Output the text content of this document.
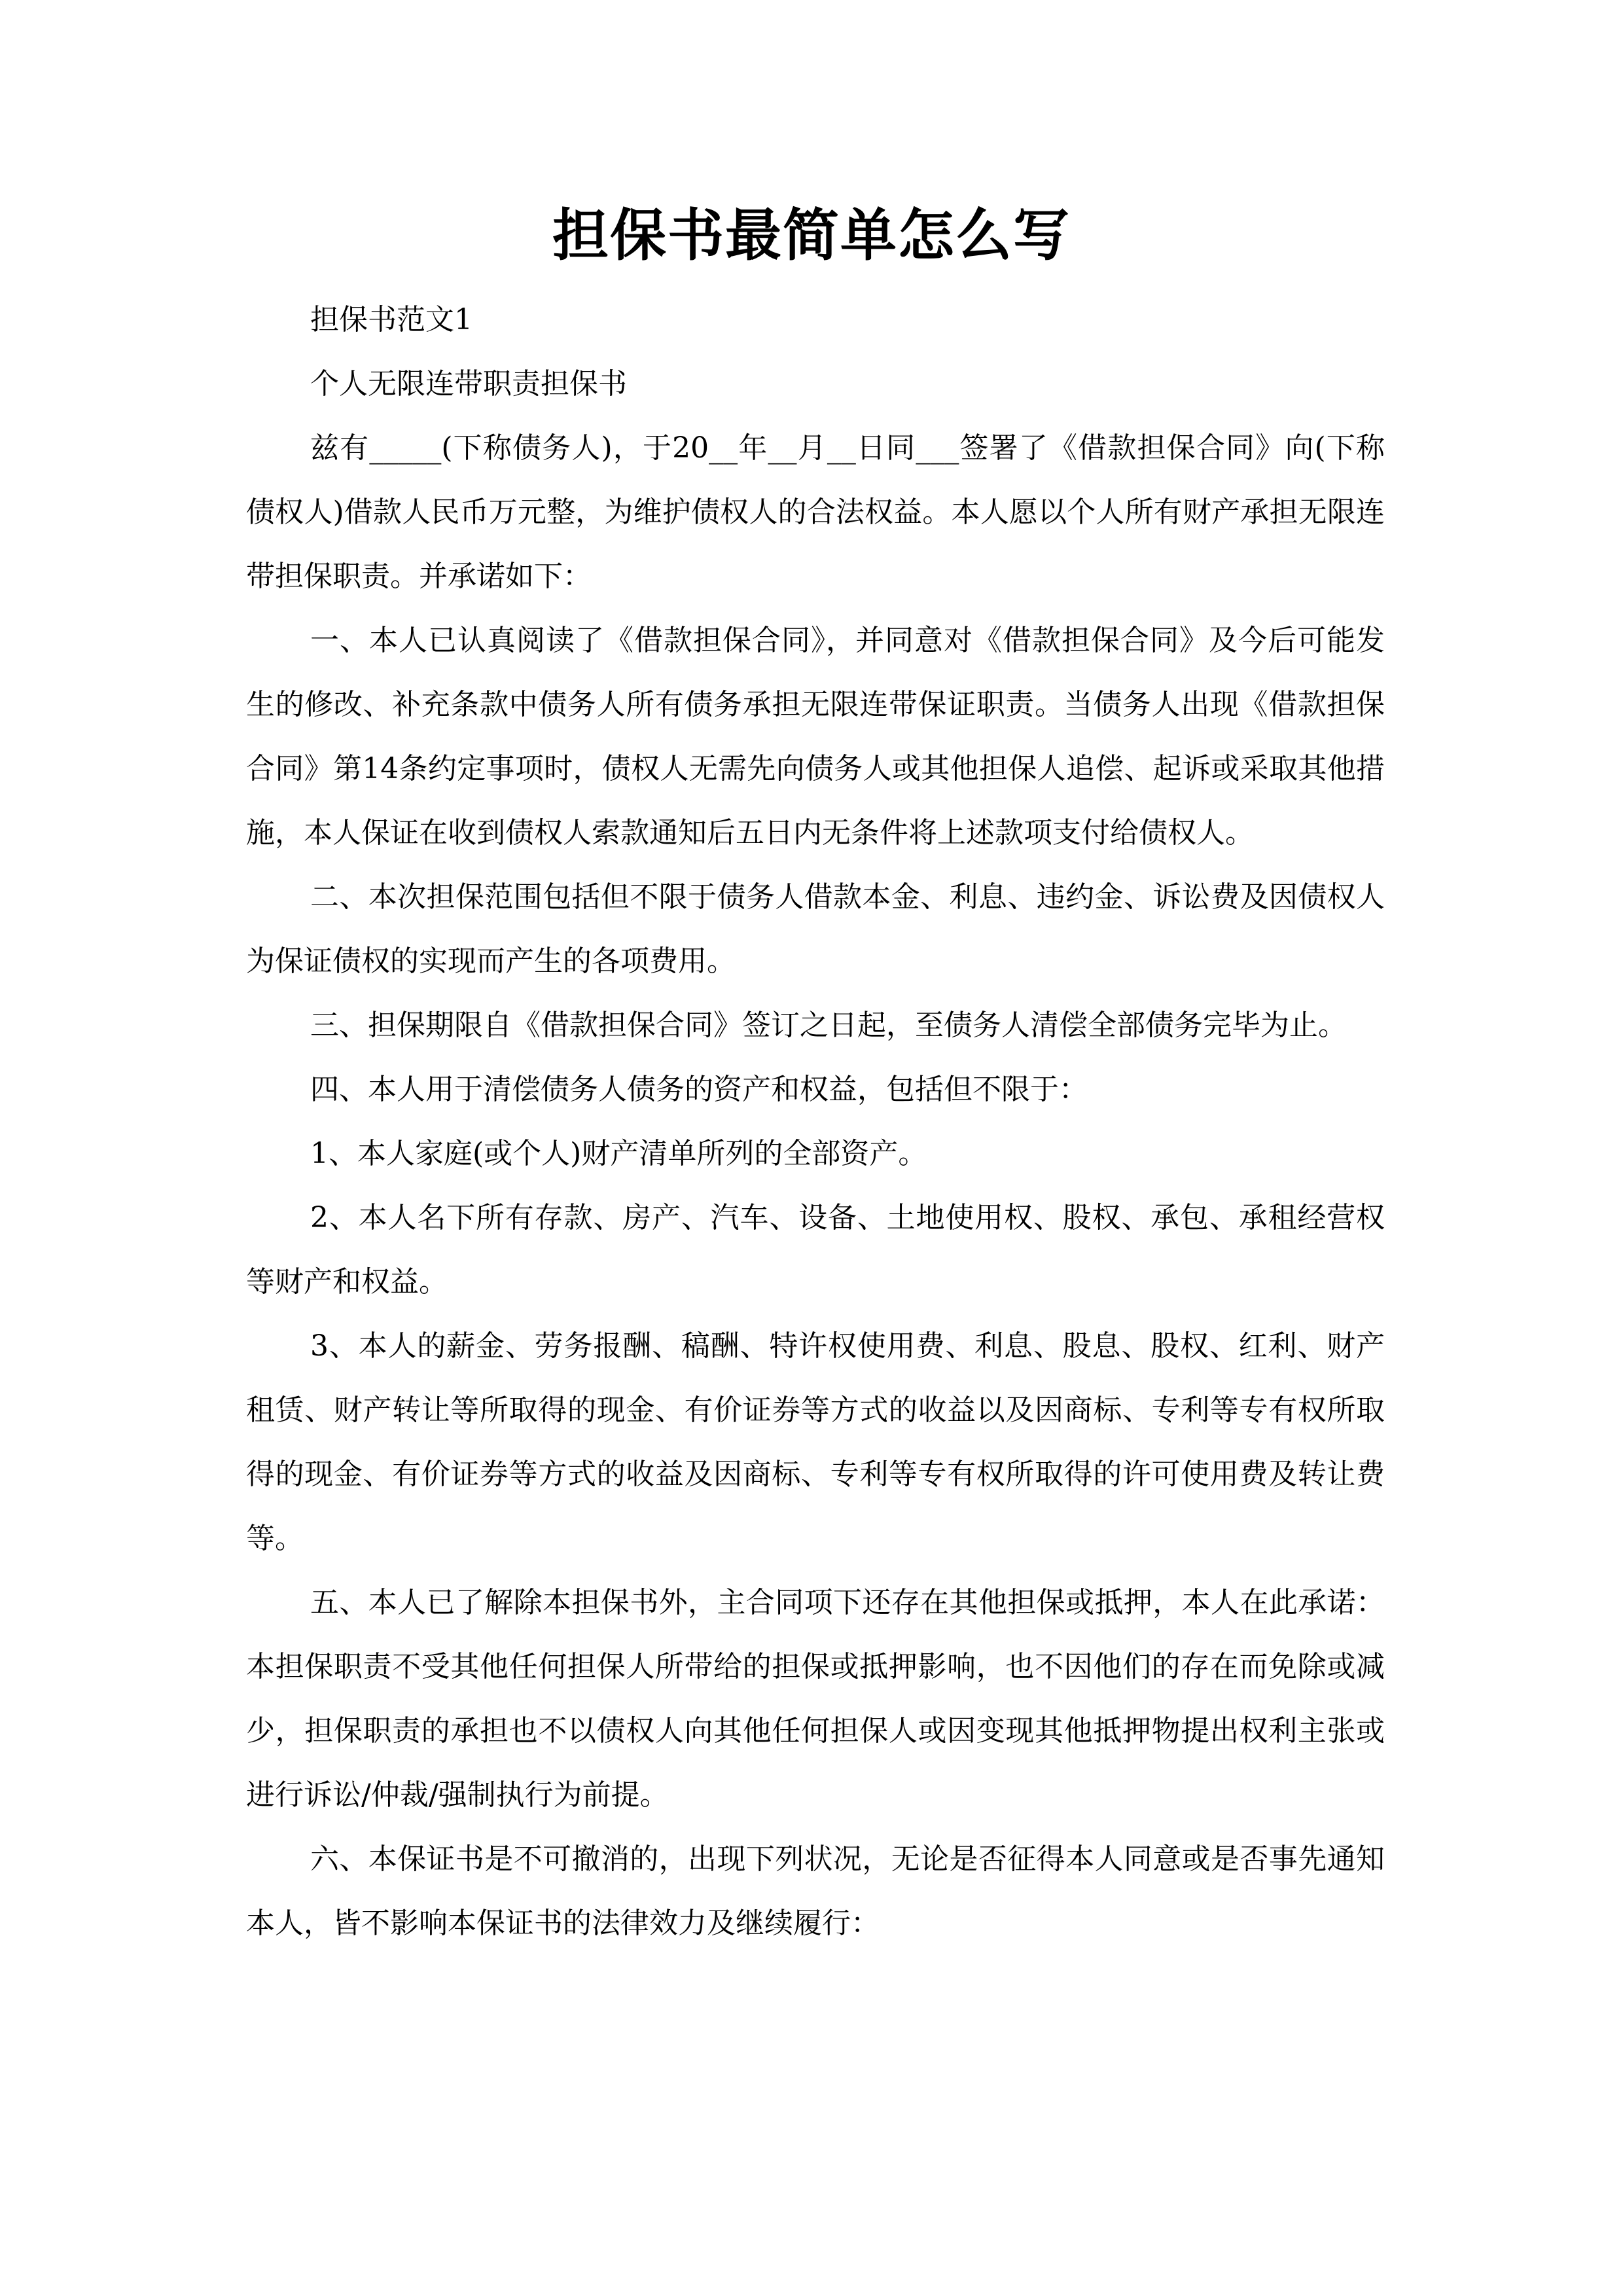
担保书最简单怎么写

担保书范文1

个人无限连带职责担保书

兹有_____(下称债务人)，于20__年__月__日同___签署了《借款担保合同》向(下称债权人)借款人民币万元整，为维护债权人的合法权益。本人愿以个人所有财产承担无限连带担保职责。并承诺如下：

一、本人已认真阅读了《借款担保合同》，并同意对《借款担保合同》及今后可能发生的修改、补充条款中债务人所有债务承担无限连带保证职责。当债务人出现《借款担保合同》第14条约定事项时，债权人无需先向债务人或其他担保人追偿、起诉或采取其他措施，本人保证在收到债权人索款通知后五日内无条件将上述款项支付给债权人。

二、本次担保范围包括但不限于债务人借款本金、利息、违约金、诉讼费及因债权人为保证债权的实现而产生的各项费用。

三、担保期限自《借款担保合同》签订之日起，至债务人清偿全部债务完毕为止。

四、本人用于清偿债务人债务的资产和权益，包括但不限于：

1、本人家庭(或个人)财产清单所列的全部资产。

2、本人名下所有存款、房产、汽车、设备、土地使用权、股权、承包、承租经营权等财产和权益。

3、本人的薪金、劳务报酬、稿酬、特许权使用费、利息、股息、股权、红利、财产租赁、财产转让等所取得的现金、有价证券等方式的收益以及因商标、专利等专有权所取得的现金、有价证券等方式的收益及因商标、专利等专有权所取得的许可使用费及转让费等。

五、本人已了解除本担保书外，主合同项下还存在其他担保或抵押，本人在此承诺：本担保职责不受其他任何担保人所带给的担保或抵押影响，也不因他们的存在而免除或减少，担保职责的承担也不以债权人向其他任何担保人或因变现其他抵押物提出权利主张或进行诉讼/仲裁/强制执行为前提。

六、本保证书是不可撤消的，出现下列状况，无论是否征得本人同意或是否事先通知本人，皆不影响本保证书的法律效力及继续履行：
